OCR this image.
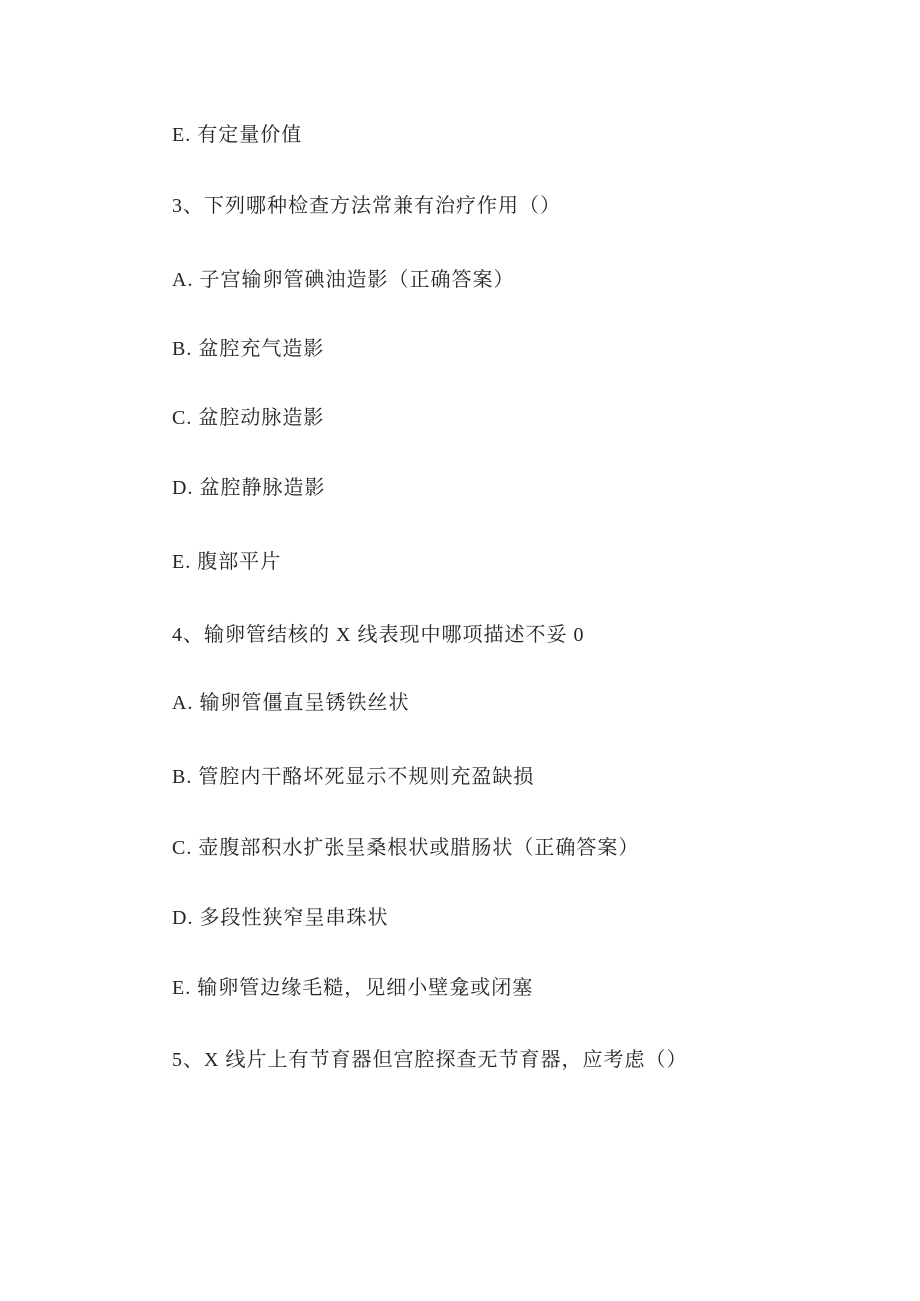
E. 有定量价值
3、下列哪种检查方法常兼有治疗作用（）
A. 子宫输卵管碘油造影（正确答案）
B. 盆腔充气造影
C. 盆腔动脉造影
D. 盆腔静脉造影
E. 腹部平片
4、输卵管结核的 X 线表现中哪项描述不妥 0
A. 输卵管僵直呈锈铁丝状
B. 管腔内干酪坏死显示不规则充盈缺损
C. 壶腹部积水扩张呈桑根状或腊肠状（正确答案）
D. 多段性狭窄呈串珠状
E. 输卵管边缘毛糙，见细小壁龛或闭塞
5、X 线片上有节育器但宫腔探查无节育器，应考虑（）
